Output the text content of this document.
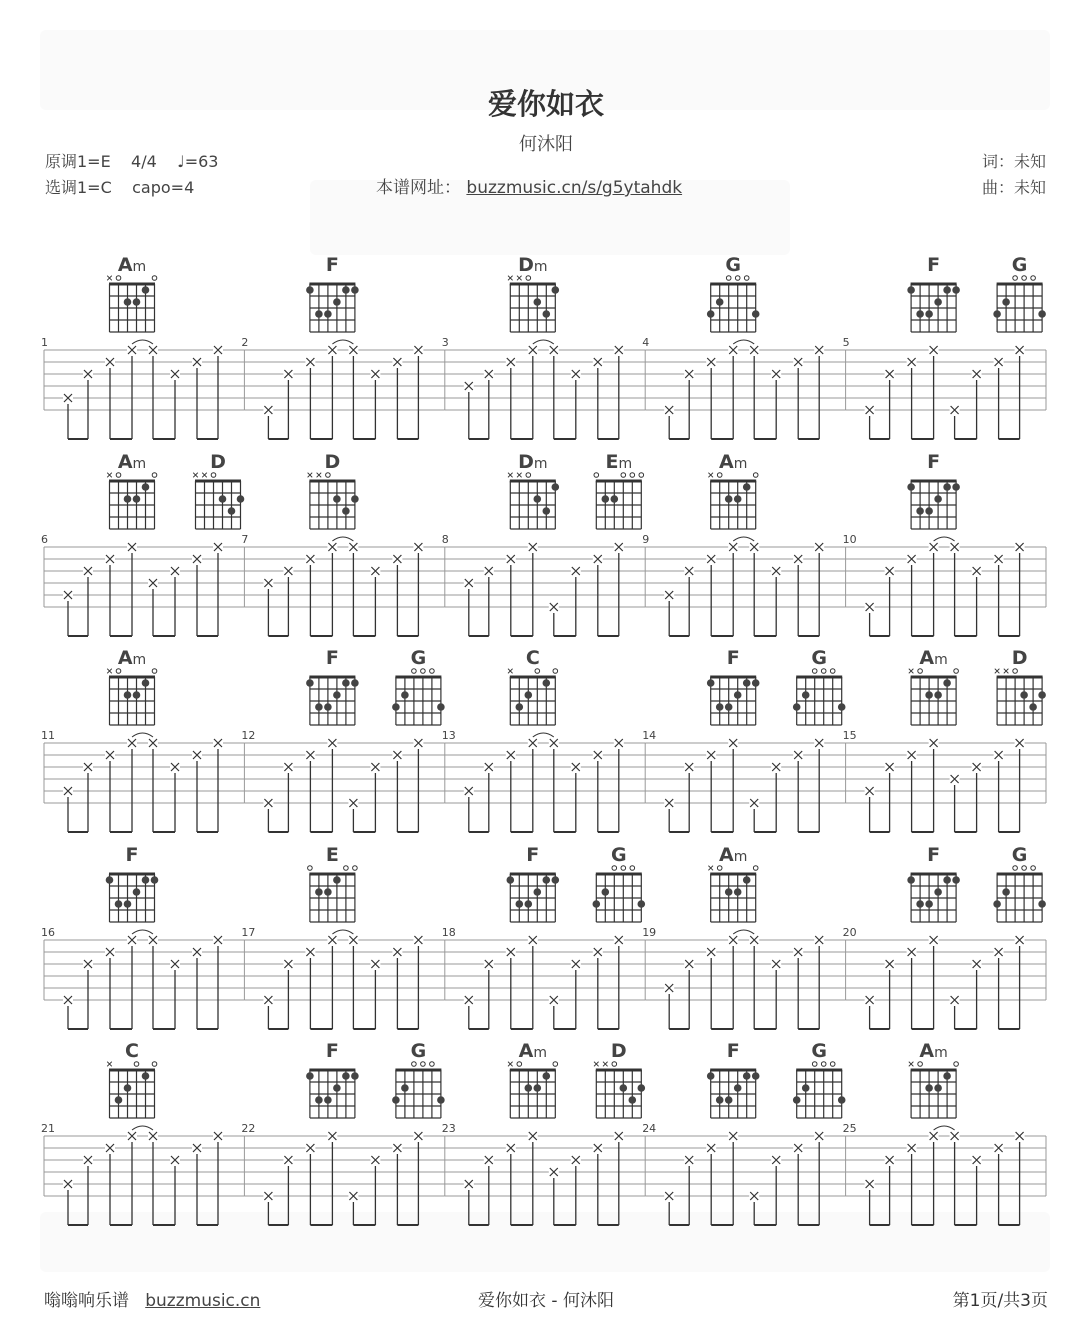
爱你如衣
何沐阳
原调1=E 4/4 ♩=63
选调1=C capo=4	本谱网址： buzzmusic.cn/s/g5ytahdk
词：未知
曲：未知
1
Am
2
F
3
Dm
4
G
5
F	G
6
Am	D
7
D
8
Dm	Em
9
Am
10
F
11
Am
12
F	G
13
C
14
F	G
15
Am	D
16
F
17
E
18
F	G
19
Am
20
F	G
21
C
22
F	G
23
Am	D
24
F	G
25
Am
嗡嗡响乐谱 buzzmusic.cn	爱你如衣 - 何沐阳	第1页/共3页
